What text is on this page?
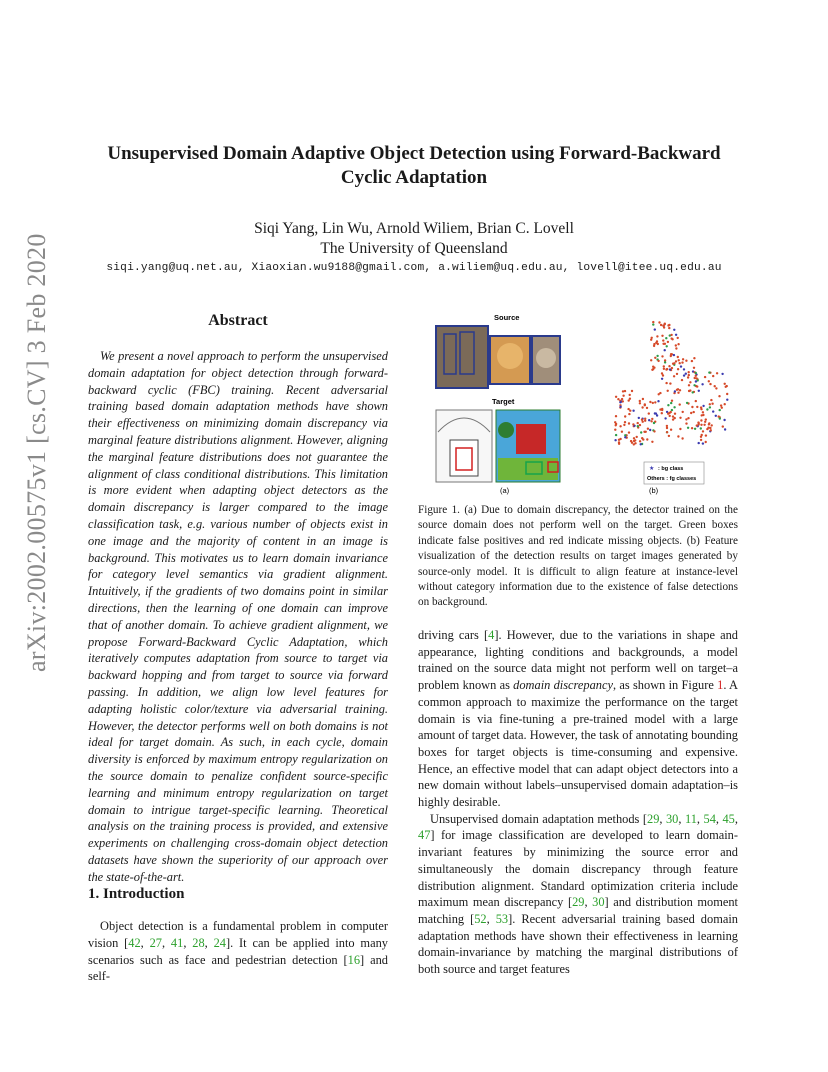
Unsupervised Domain Adaptive Object Detection using Forward-Backward
Cyclic Adaptation
Siqi Yang, Lin Wu, Arnold Wiliem, Brian C. Lovell
The University of Queensland
siqi.yang@uq.net.au, Xiaoxian.wu9188@gmail.com, a.wiliem@uq.edu.au, lovell@itee.uq.edu.au
arXiv:2002.00575v1 [cs.CV] 3 Feb 2020	Abstract
We present a novel approach to perform the unsupervised domain adaptation for object detection through forward-backward cyclic (FBC) training. Recent adversarial training based domain adaptation methods have shown their effectiveness on minimizing domain discrepancy via marginal feature distributions alignment. However, aligning the marginal feature distributions does not guarantee the alignment of class conditional distributions. This limitation is more evident when adapting object detectors as the domain discrepancy is larger compared to the image classification task, e.g. various number of objects exist in one image and the majority of content in an image is background. This motivates us to learn domain invariance for category level semantics via gradient alignment. Intuitively, if the gradients of two domains point in similar directions, then the learning of one domain can improve that of another domain. To achieve gradient alignment, we propose Forward-Backward Cyclic Adaptation, which iteratively computes adaptation from source to target via backward hopping and from target to source via forward passing. In addition, we align low level features for adapting holistic color/texture via adversarial training. However, the detector performs well on both domains is not ideal for target domain. As such, in each cycle, domain diversity is enforced by maximum entropy regularization on the source domain to penalize confident source-specific learning and minimum entropy regularization on target domain to intrigue target-specific learning. Theoretical analysis on the training process is provided, and extensive experiments on challenging cross-domain object detection datasets have shown the superiority of our approach over the state-of-the-art.
1. Introduction
Object detection is a fundamental problem in computer vision [42, 27, 41, 28, 24]. It can be applied into many scenarios such as face and pedestrian detection [16] and self-
Source
Target
(a)
★ : bg class
Others : fg classes
(b)
Figure 1. (a) Due to domain discrepancy, the detector trained on the source domain does not perform well on the target. Green boxes indicate false positives and red indicate missing objects. (b) Feature visualization of the detection results on target images generated by source-only model. It is difficult to align feature at instance-level without category information due to the existence of false detections on background.

driving cars [4]. However, due to the variations in shape and appearance, lighting conditions and backgrounds, a model trained on the source data might not perform well on target–a problem known as domain discrepancy, as shown in Figure 1. A common approach to maximize the performance on the target domain is via fine-tuning a pre-trained model with a large amount of target data. However, the task of annotating bounding boxes for target objects is time-consuming and expensive. Hence, an effective model that can adapt object detectors into a new domain without labels–unsupervised domain adaptation–is highly desirable.

Unsupervised domain adaptation methods [29, 30, 11, 54, 45, 47] for image classification are developed to learn domain-invariant features by minimizing the source error and simultaneously the domain discrepancy through feature distribution alignment. Standard optimization criteria include maximum mean discrepancy [29, 30] and distribution moment matching [52, 53]. Recent adversarial training based domain adaptation methods have shown their effectiveness in learning domain-invariance by matching the marginal distributions of both source and target features
